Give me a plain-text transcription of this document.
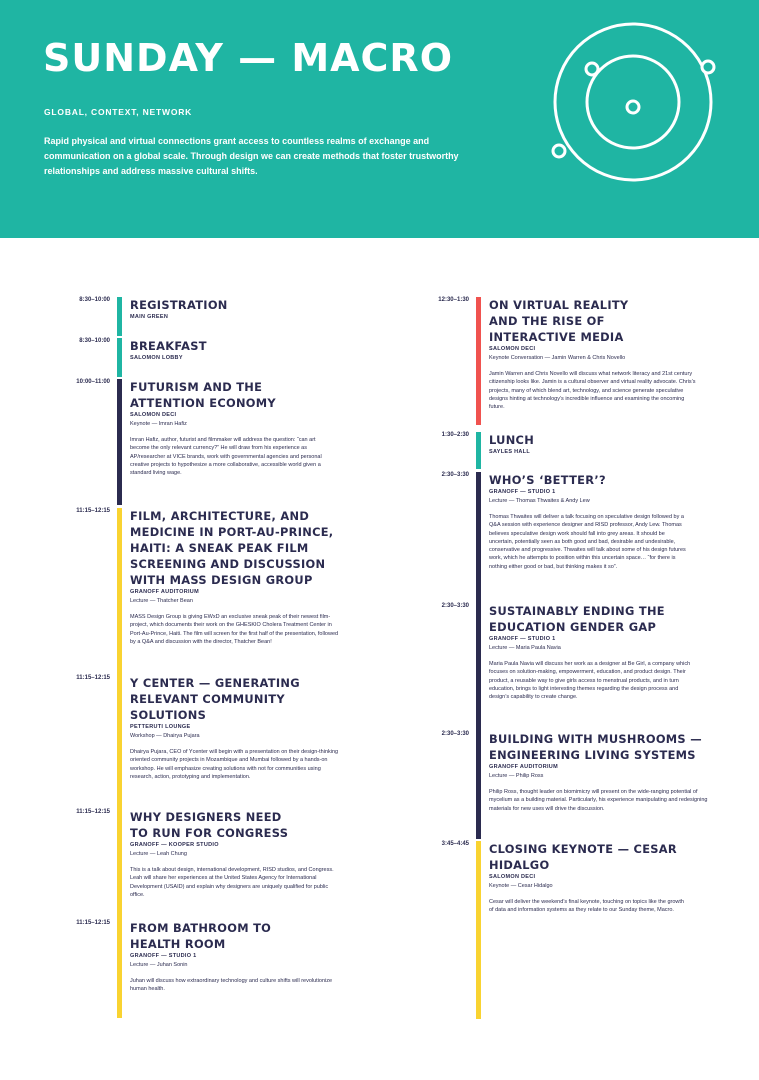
SUNDAY — MACRO

GLOBAL, CONTEXT, NETWORK

Rapid physical and virtual connections grant access to countless realms of exchange and communication on a global scale. Through design we can create methods that foster trustworthy relationships and address massive cultural shifts.

8:30–10:00 REGISTRATION
MAIN GREEN
8:30–10:00 BREAKFAST
SALOMON LOBBY
10:00–11:00 FUTURISM AND THE ATTENTION ECONOMY
SALOMON DECI
Keynote — Imran Hafiz
Imran Hafiz, author, futurist and filmmaker will address the question: “can art become the only relevant currency?” He will draw from his experience as AP/researcher at VICE brands, work with governmental agencies and personal creative projects to hypothesize a more collaborative, accessible world given a standard living wage.
11:15–12:15 FILM, ARCHITECTURE, AND MEDICINE IN PORT-AU-PRINCE, HAITI: A SNEAK PEAK FILM SCREENING AND DISCUSSION WITH MASS DESIGN GROUP
GRANOFF AUDITORIUM
Lecture — Thatcher Bean
MASS Design Group is giving EWxD an exclusive sneak peak of their newest film-project, which documents their work on the GHESKIO Cholera Treatment Center in Port-Au-Prince, Haiti. The film will screen for the first half of the presentation, followed by a Q&A and discussion with the director, Thatcher Bean!
11:15–12:15 Y CENTER — GENERATING RELEVANT COMMUNITY SOLUTIONS
PETTERUTI LOUNGE
Workshop — Dhairya Pujara
Dhairya Pujara, CEO of Ycenter will begin with a presentation on their design-thinking oriented community projects in Mozambique and Mumbai followed by a hands-on workshop. He will emphasize creating solutions with not for communities using research, action, prototyping and implementation.
11:15–12:15 WHY DESIGNERS NEED TO RUN FOR CONGRESS
GRANOFF — KOOPER STUDIO
Lecture — Leah Chung
This is a talk about design, international development, RISD studios, and Congress. Leah will share her experiences at the United States Agency for International Development (USAID) and explain why designers are uniquely qualified for public office.
11:15–12:15 FROM BATHROOM TO HEALTH ROOM
GRANOFF — STUDIO 1
Lecture — Juhan Sonin
Juhan will discuss how extraordinary technology and culture shifts will revolutionize human health.
12:30–1:30 ON VIRTUAL REALITY AND THE RISE OF INTERACTIVE MEDIA
SALOMON DECI
Keynote Conversation — Jamin Warren & Chris Novello
Jamin Warren and Chris Novello will discuss what network literacy and 21st century citizenship looks like. Jamin is a cultural observer and virtual reality advocate. Chris’s projects, many of which blend art, technology, and science generate speculative designs hinting at technology’s incredible influence and examining the oncoming future.
1:30–2:30 LUNCH
SAYLES HALL
2:30–3:30 WHO’S ‘BETTER’?
GRANOFF — STUDIO 1
Lecture — Thomas Thwaites & Andy Lew
Thomas Thwaites will deliver a talk focusing on speculative design followed by a Q&A session with experience designer and RISD professor, Andy Lew. Thomas believes speculative design work should fall into grey areas. It should be uncertain, potentially seen as both good and bad, desirable and undesirable, conservative and progressive. Thwaites will talk about some of his design futures work, which he attempts to position within this uncertain space… “for there is nothing either good or bad, but thinking makes it so”.
2:30–3:30 SUSTAINABLY ENDING THE EDUCATION GENDER GAP
GRANOFF — STUDIO 1
Lecture — Maria Paula Navia
Maria Paula Navia will discuss her work as a designer at Be Girl, a company which focuses on solution-making, empowerment, education, and product design. Their product, a reusable way to give girls access to menstrual products, and in turn education, brings to light interesting themes regarding the design process and design’s capability to create change.
2:30–3:30 BUILDING WITH MUSHROOMS — ENGINEERING LIVING SYSTEMS
GRANOFF AUDITORIUM
Lecture — Philip Ross
Philip Ross, thought leader on biomimicry will present on the wide-ranging potential of mycelium as a building material. Particularly, his experience manipulating and redesigning materials for new uses will drive the discussion.
3:45–4:45 CLOSING KEYNOTE — CESAR HIDALGO
SALOMON DECI
Keynote — Cesar Hidalgo
Cesar will deliver the weekend’s final keynote, touching on topics like the growth of data and information systems as they relate to our Sunday theme, Macro.
